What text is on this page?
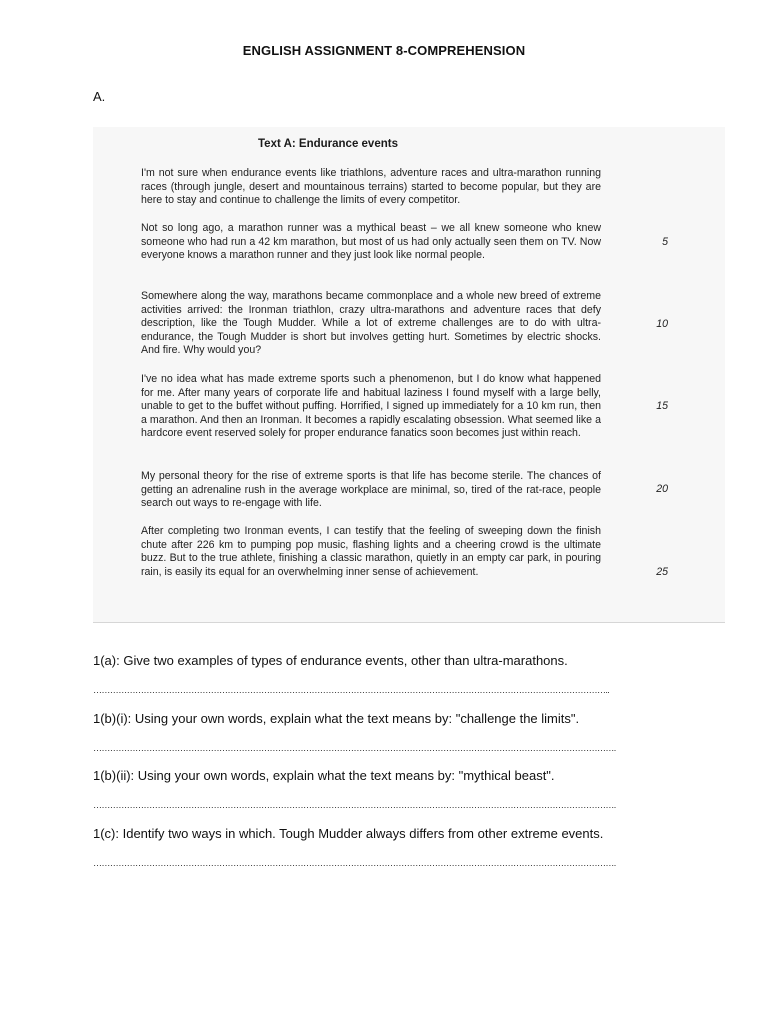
ENGLISH ASSIGNMENT 8-COMPREHENSION
A.
Text A: Endurance events
I'm not sure when endurance events like triathlons, adventure races and ultra-marathon running races (through jungle, desert and mountainous terrains) started to become popular, but they are here to stay and continue to challenge the limits of every competitor.
Not so long ago, a marathon runner was a mythical beast – we all knew someone who knew someone who had run a 42 km marathon, but most of us had only actually seen them on TV. Now everyone knows a marathon runner and they just look like normal people.
Somewhere along the way, marathons became commonplace and a whole new breed of extreme activities arrived: the Ironman triathlon, crazy ultra-marathons and adventure races that defy description, like the Tough Mudder. While a lot of extreme challenges are to do with ultra-endurance, the Tough Mudder is short but involves getting hurt. Sometimes by electric shocks. And fire. Why would you?
I've no idea what has made extreme sports such a phenomenon, but I do know what happened for me. After many years of corporate life and habitual laziness I found myself with a large belly, unable to get to the buffet without puffing. Horrified, I signed up immediately for a 10 km run, then a marathon. And then an Ironman. It becomes a rapidly escalating obsession. What seemed like a hardcore event reserved solely for proper endurance fanatics soon becomes just within reach.
My personal theory for the rise of extreme sports is that life has become sterile. The chances of getting an adrenaline rush in the average workplace are minimal, so, tired of the rat-race, people search out ways to re-engage with life.
After completing two Ironman events, I can testify that the feeling of sweeping down the finish chute after 226 km to pumping pop music, flashing lights and a cheering crowd is the ultimate buzz. But to the true athlete, finishing a classic marathon, quietly in an empty car park, in pouring rain, is easily its equal for an overwhelming inner sense of achievement.
5
10
15
20
25
1(a): Give two examples of types of endurance events, other than ultra-marathons.
…………………………………………………………………………………………………………………………………………………………………..
1(b)(i): Using your own words, explain what the text means by: "challenge the limits".
…………………………………………………………………………………………………………………………………………………………………….
1(b)(ii): Using your own words, explain what the text means by: "mythical beast".
…………………………………………………………………………………………………………………………………………………………………….
1(c): Identify two ways in which. Tough Mudder always differs from other extreme events.
…………………………………………………………………………………………………………………………………………………………………….
